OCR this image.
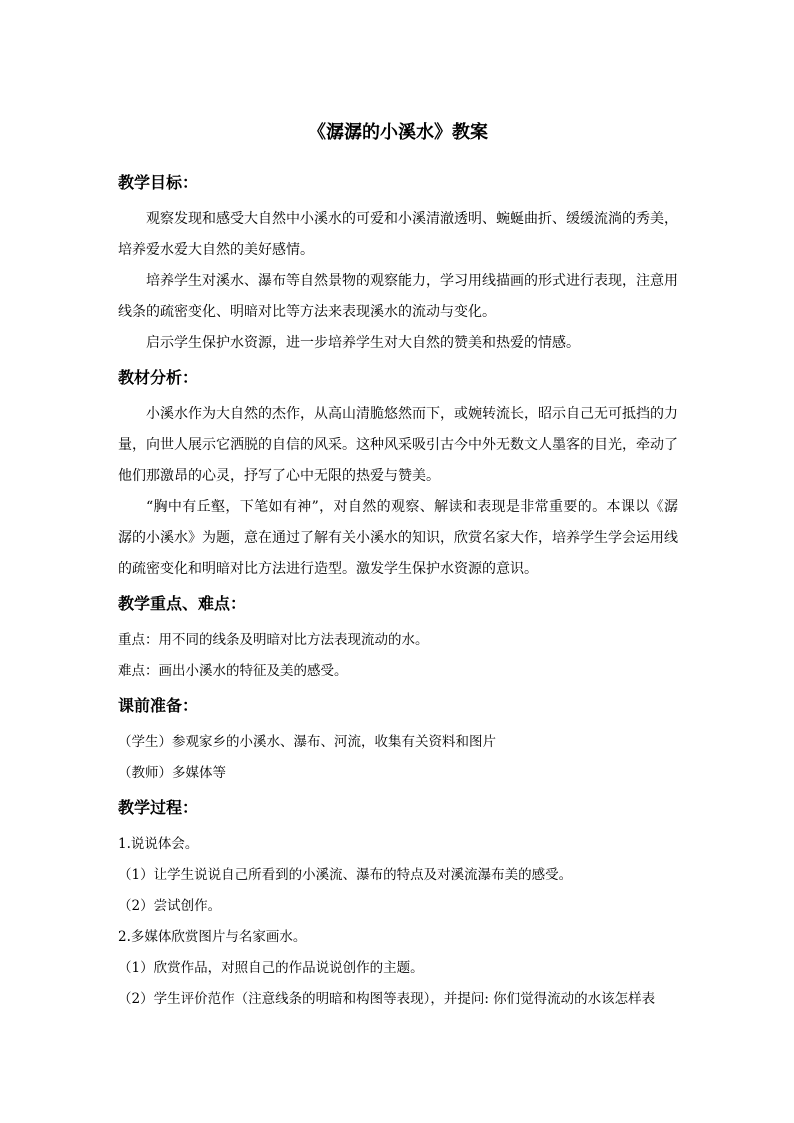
《潺潺的小溪水》教案
教学目标：

观察发现和感受大自然中小溪水的可爱和小溪清澈透明、蜿蜒曲折、缓缓流淌的秀美，培养爱水爱大自然的美好感情。

培养学生对溪水、瀑布等自然景物的观察能力，学习用线描画的形式进行表现，注意用线条的疏密变化、明暗对比等方法来表现溪水的流动与变化。

启示学生保护水资源，进一步培养学生对大自然的赞美和热爱的情感。

教材分析：

小溪水作为大自然的杰作，从高山清脆悠然而下，或婉转流长，昭示自己无可抵挡的力量，向世人展示它洒脱的自信的风采。这种风采吸引古今中外无数文人墨客的目光，牵动了他们那激昂的心灵，抒写了心中无限的热爱与赞美。

“胸中有丘壑，下笔如有神”，对自然的观察、解读和表现是非常重要的。本课以《潺潺的小溪水》为题，意在通过了解有关小溪水的知识，欣赏名家大作，培养学生学会运用线的疏密变化和明暗对比方法进行造型。激发学生保护水资源的意识。

教学重点、难点：

重点：用不同的线条及明暗对比方法表现流动的水。

难点：画出小溪水的特征及美的感受。

课前准备：

（学生）参观家乡的小溪水、瀑布、河流，收集有关资料和图片

（教师）多媒体等

教学过程：

1.说说体会。

（1）让学生说说自己所看到的小溪流、瀑布的特点及对溪流瀑布美的感受。

（2）尝试创作。

2.多媒体欣赏图片与名家画水。

（1）欣赏作品，对照自己的作品说说创作的主题。

（2）学生评价范作（注意线条的明暗和构图等表现），并提问: 你们觉得流动的水该怎样表
